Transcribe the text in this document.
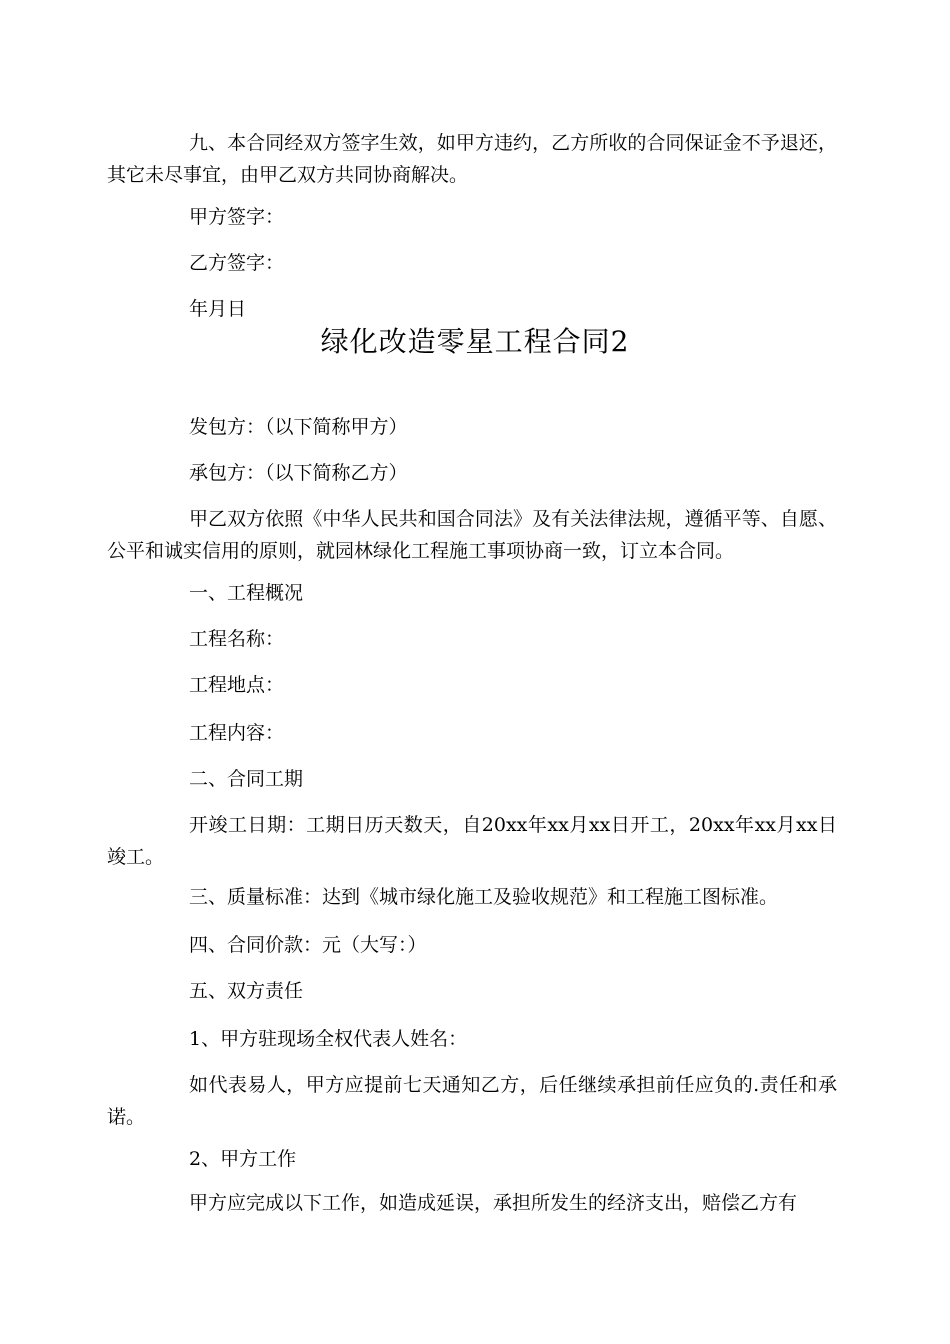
九、本合同经双方签字生效，如甲方违约，乙方所收的合同保证金不予退还，其它未尽事宜，由甲乙双方共同协商解决。

甲方签字：

乙方签字：

年月日

绿化改造零星工程合同2

发包方：（以下简称甲方）

承包方：（以下简称乙方）

甲乙双方依照《中华人民共和国合同法》及有关法律法规，遵循平等、自愿、公平和诚实信用的原则，就园林绿化工程施工事项协商一致，订立本合同。

一、工程概况

工程名称：

工程地点：

工程内容：

二、合同工期

开竣工日期：工期日历天数天，自20xx年xx月xx日开工，20xx年xx月xx日竣工。

三、质量标准：达到《城市绿化施工及验收规范》和工程施工图标准。

四、合同价款：元（大写：）

五、双方责任

1、甲方驻现场全权代表人姓名：

如代表易人，甲方应提前七天通知乙方，后任继续承担前任应负的.责任和承诺。

2、甲方工作

甲方应完成以下工作，如造成延误，承担所发生的经济支出，赔偿乙方有
